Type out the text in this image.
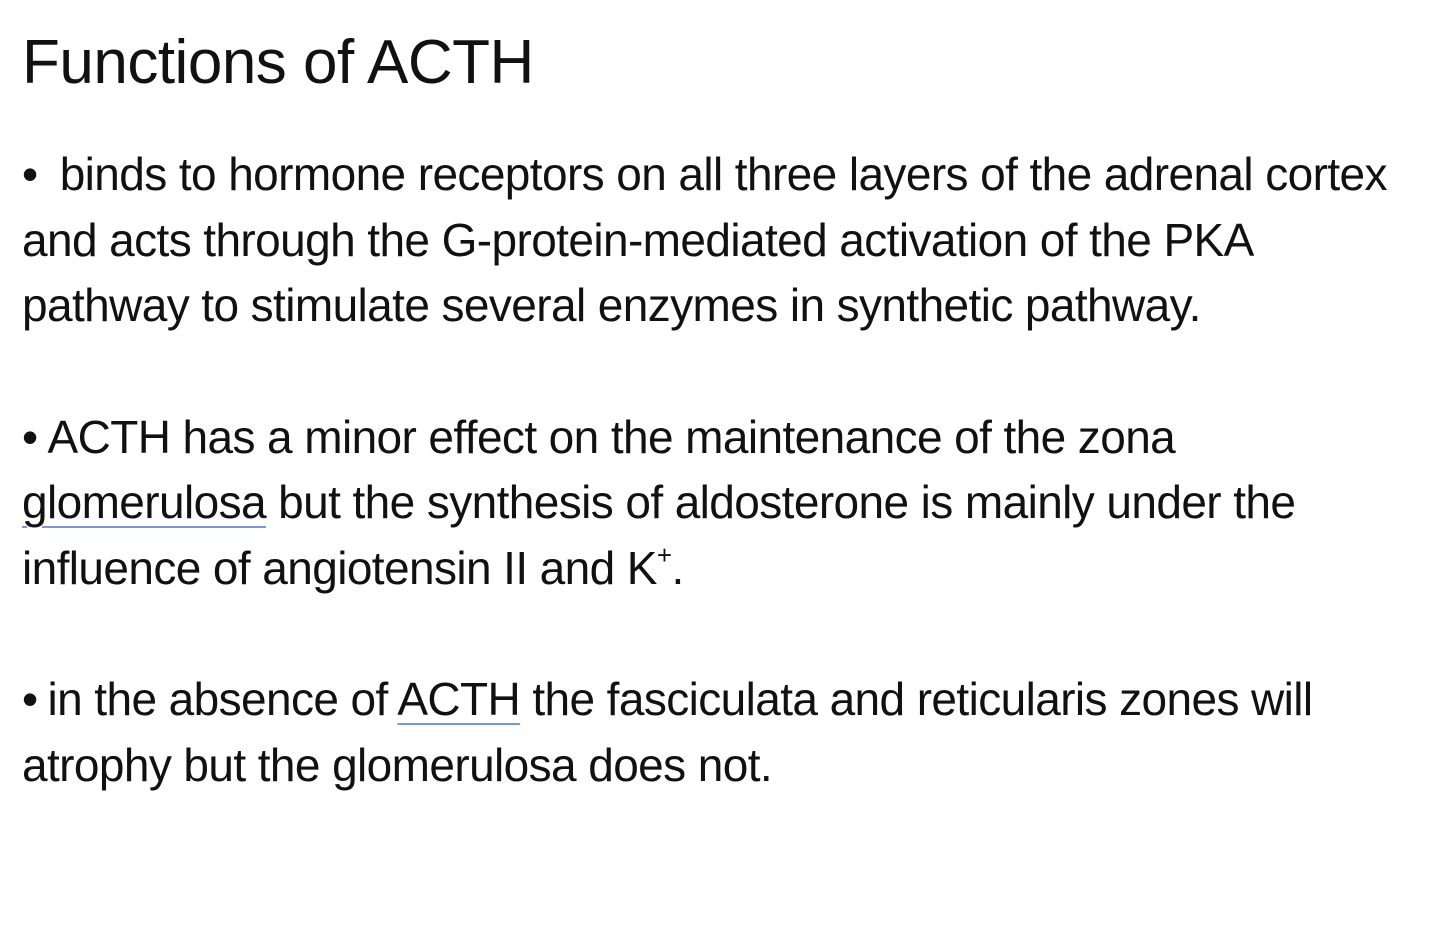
Functions of ACTH

• binds to hormone receptors on all three layers of the adrenal cortex and acts through the G-protein-mediated activation of the PKA pathway to stimulate several enzymes in synthetic pathway.

• ACTH has a minor effect on the maintenance of the zona glomerulosa but the synthesis of aldosterone is mainly under the influence of angiotensin II and K+.

• in the absence of ACTH the fasciculata and reticularis zones will atrophy but the glomerulosa does not.
